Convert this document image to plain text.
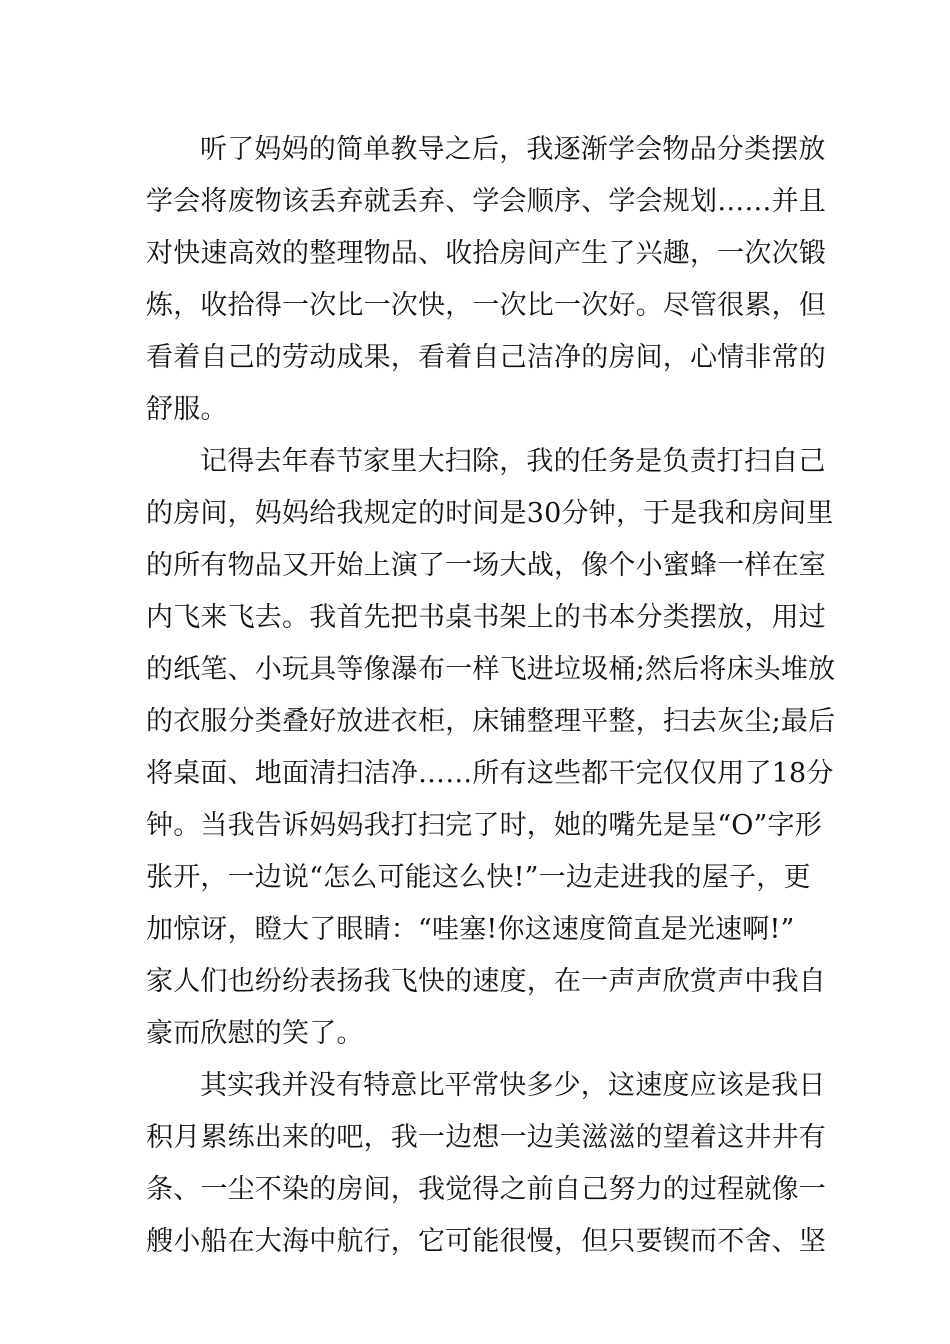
听了妈妈的简单教导之后，我逐渐学会物品分类摆放
学会将废物该丢弃就丢弃、学会顺序、学会规划……并且
对快速高效的整理物品、收拾房间产生了兴趣，一次次锻
炼，收拾得一次比一次快，一次比一次好。尽管很累，但
看着自己的劳动成果，看着自己洁净的房间，心情非常的
舒服。
记得去年春节家里大扫除，我的任务是负责打扫自己
的房间，妈妈给我规定的时间是30分钟，于是我和房间里
的所有物品又开始上演了一场大战，像个小蜜蜂一样在室
内飞来飞去。我首先把书桌书架上的书本分类摆放，用过
的纸笔、小玩具等像瀑布一样飞进垃圾桶;然后将床头堆放
的衣服分类叠好放进衣柜，床铺整理平整，扫去灰尘;最后
将桌面、地面清扫洁净……所有这些都干完仅仅用了18分
钟。当我告诉妈妈我打扫完了时，她的嘴先是呈“O”字形
张开，一边说“怎么可能这么快!”一边走进我的屋子，更
加惊讶，瞪大了眼睛：“哇塞!你这速度简直是光速啊!”
家人们也纷纷表扬我飞快的速度，在一声声欣赏声中我自
豪而欣慰的笑了。
其实我并没有特意比平常快多少，这速度应该是我日
积月累练出来的吧，我一边想一边美滋滋的望着这井井有
条、一尘不染的房间，我觉得之前自己努力的过程就像一
艘小船在大海中航行，它可能很慢，但只要锲而不舍、坚
